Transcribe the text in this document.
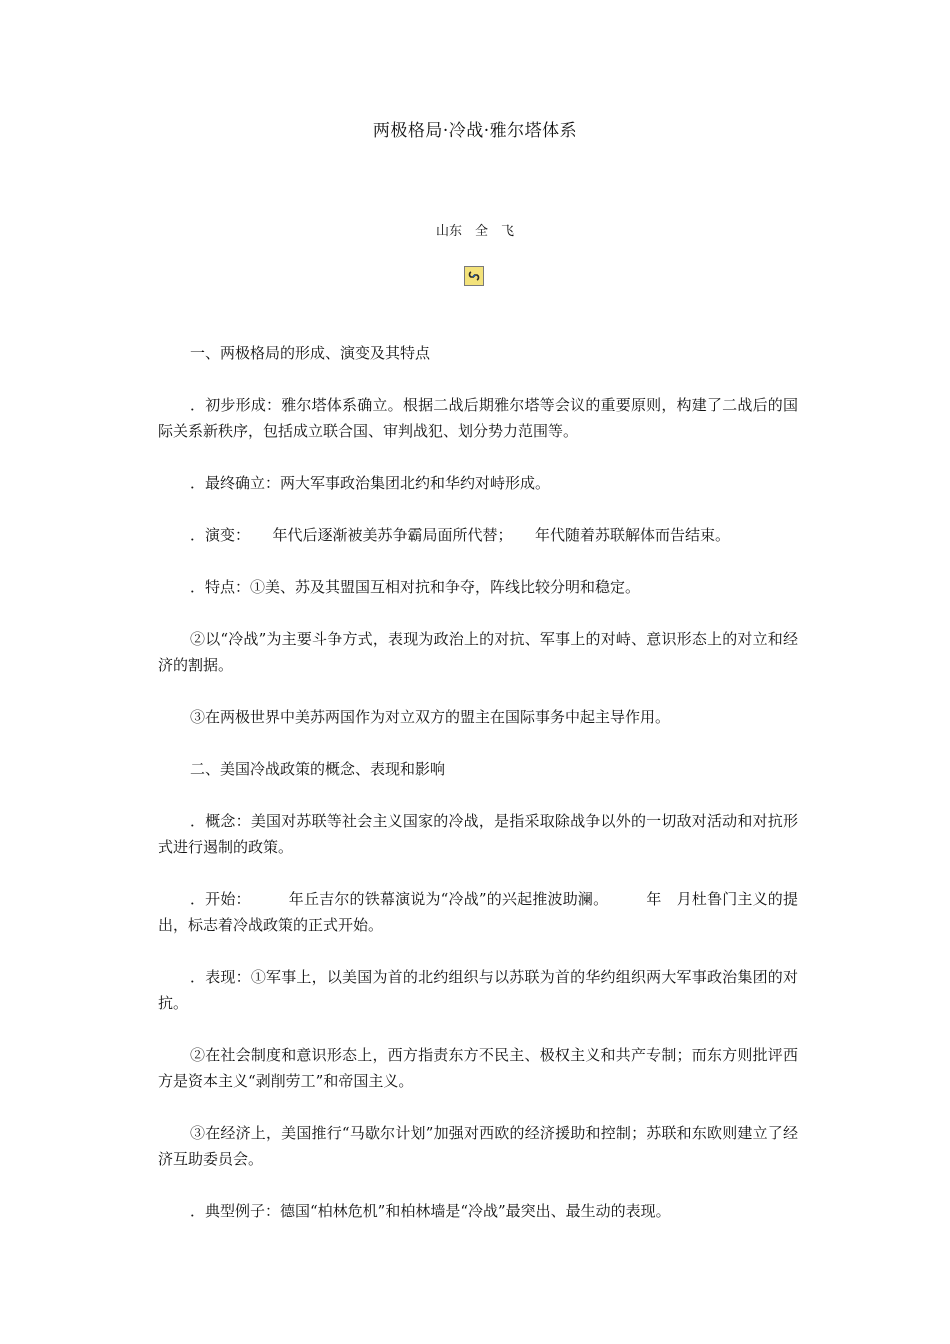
两极格局·冷战·雅尔塔体系
山东　全　飞

一、两极格局的形成、演变及其特点

．初步形成：雅尔塔体系确立。根据二战后期雅尔塔等会议的重要原则，构建了二战后的国际关系新秩序，包括成立联合国、审判战犯、划分势力范围等。

．最终确立：两大军事政治集团北约和华约对峙形成。

．演变：　　年代后逐渐被美苏争霸局面所代替；　　年代随着苏联解体而告结束。

．特点：①美、苏及其盟国互相对抗和争夺，阵线比较分明和稳定。

②以“冷战”为主要斗争方式，表现为政治上的对抗、军事上的对峙、意识形态上的对立和经济的割据。

③在两极世界中美苏两国作为对立双方的盟主在国际事务中起主导作用。

二、美国冷战政策的概念、表现和影响

．概念：美国对苏联等社会主义国家的冷战，是指采取除战争以外的一切敌对活动和对抗形式进行遏制的政策。

．开始：　　　年丘吉尔的铁幕演说为“冷战”的兴起推波助澜。　　　年　月杜鲁门主义的提出，标志着冷战政策的正式开始。

．表现：①军事上，以美国为首的北约组织与以苏联为首的华约组织两大军事政治集团的对抗。

②在社会制度和意识形态上，西方指责东方不民主、极权主义和共产专制；而东方则批评西方是资本主义“剥削劳工”和帝国主义。

③在经济上，美国推行“马歇尔计划”加强对西欧的经济援助和控制；苏联和东欧则建立了经济互助委员会。

．典型例子：德国“柏林危机”和柏林墙是“冷战”最突出、最生动的表现。
